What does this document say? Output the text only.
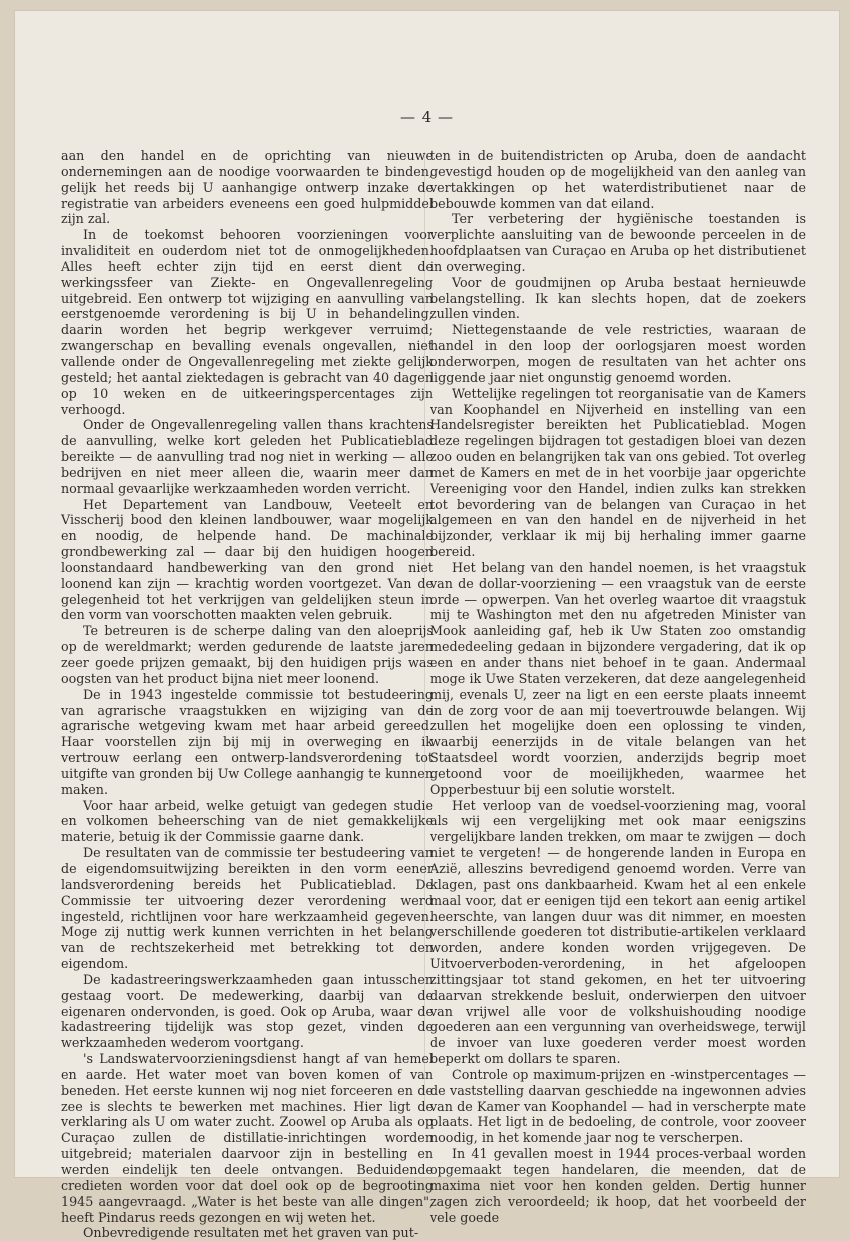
— 4 —

aan den handel en de oprichting van nieuwe ondernemingen aan de noodige voorwaarden te binden, gelijk het reeds bij U aanhangige ontwerp inzake de registratie van arbeiders eveneens een goed hulpmiddel zijn zal.

In de toekomst behooren voorzieningen voor invaliditeit en ouderdom niet tot de onmogelijkheden. Alles heeft echter zijn tijd en eerst dient de werkingssfeer van Ziekte- en Ongevallenregeling uitgebreid. Een ontwerp tot wijziging en aanvulling van eerstgenoemde verordening is bij U in behandeling; daarin worden het begrip werkgever verruimd; zwangerschap en bevalling evenals ongevallen, niet vallende onder de Ongevallenregeling met ziekte gelijk gesteld; het aantal ziektedagen is gebracht van 40 dagen op 10 weken en de uitkeeringspercentages zijn verhoogd.

Onder de Ongevallenregeling vallen thans krachtens de aanvulling, welke kort geleden het Publicatieblad bereikte — de aanvulling trad nog niet in werking — alle bedrijven en niet meer alleen die, waarin meer dan normaal gevaarlijke werkzaamheden worden verricht.

Het Departement van Landbouw, Veeteelt en Visscherij bood den kleinen landbouwer, waar mogelijk en noodig, de helpende hand. De machinale grondbewerking zal — daar bij den huidigen hoogen loonstandaard handbewerking van den grond niet loonend kan zijn — krachtig worden voortgezet. Van de gelegenheid tot het verkrijgen van geldelijken steun in den vorm van voorschotten maakten velen gebruik.

Te betreuren is de scherpe daling van den aloeprijs op de wereldmarkt; werden gedurende de laatste jaren zeer goede prijzen gemaakt, bij den huidigen prijs was oogsten van het product bijna niet meer loonend.

De in 1943 ingestelde commissie tot bestudeering van agrarische vraagstukken en wijziging van de agrarische wetgeving kwam met haar arbeid gereed. Haar voorstellen zijn bij mij in overweging en ik vertrouw eerlang een ontwerp-landsverordening tot uitgifte van gronden bij Uw College aanhangig te kunnen maken.

Voor haar arbeid, welke getuigt van gedegen studie en volkomen beheersching van de niet gemakkelijke materie, betuig ik der Commissie gaarne dank.

De resultaten van de commissie ter bestudeering van de eigendomsuitwijzing bereikten in den vorm eener landsverordening bereids het Publicatieblad. De Commissie ter uitvoering dezer verordening werd ingesteld, richtlijnen voor hare werkzaamheid gegeven. Moge zij nuttig werk kunnen verrichten in het belang van de rechtszekerheid met betrekking tot den eigendom.

De kadastreeringswerkzaamheden gaan intusschen gestaag voort. De medewerking, daarbij van de eigenaren ondervonden, is goed. Ook op Aruba, waar de kadastreering tijdelijk was stop gezet, vinden de werkzaamheden wederom voortgang.

's Landswatervoorzieningsdienst hangt af van hemel en aarde. Het water moet van boven komen of van beneden. Het eerste kunnen wij nog niet forceeren en de zee is slechts te bewerken met machines. Hier ligt de verklaring als U om water zucht. Zoowel op Aruba als op Curaçao zullen de distillatie-inrichtingen worden uitgebreid; materialen daarvoor zijn in bestelling en werden eindelijk ten deele ontvangen. Beduidende credieten worden voor dat doel ook op de begrooting 1945 aangevraagd. „Water is het beste van alle dingen", heeft Pindarus reeds gezongen en wij weten het.

Onbevredigende resultaten met het graven van put-

ten in de buitendistricten op Aruba, doen de aandacht gevestigd houden op de mogelijkheid van den aanleg van vertakkingen op het waterdistributienet naar de bebouwde kommen van dat eiland.

Ter verbetering der hygiënische toestanden is verplichte aansluiting van de bewoonde perceelen in de hoofdplaatsen van Curaçao en Aruba op het distributienet in overweging.

Voor de goudmijnen op Aruba bestaat hernieuwde belangstelling. Ik kan slechts hopen, dat de zoekers zullen vinden.

Niettegenstaande de vele restricties, waaraan de handel in den loop der oorlogsjaren moest worden onderworpen, mogen de resultaten van het achter ons liggende jaar niet ongunstig genoemd worden.

Wettelijke regelingen tot reorganisatie van de Kamers van Koophandel en Nijverheid en instelling van een Handelsregister bereikten het Publicatieblad. Mogen deze regelingen bijdragen tot gestadigen bloei van dezen zoo ouden en belangrijken tak van ons gebied. Tot overleg met de Kamers en met de in het voorbije jaar opgerichte Vereeniging voor den Handel, indien zulks kan strekken tot bevordering van de belangen van Curaçao in het algemeen en van den handel en de nijverheid in het bijzonder, verklaar ik mij bij herhaling immer gaarne bereid.

Het belang van den handel noemen, is het vraagstuk van de dollar-voorziening — een vraagstuk van de eerste orde — opwerpen. Van het overleg waartoe dit vraagstuk mij te Washington met den nu afgetreden Minister van Mook aanleiding gaf, heb ik Uw Staten zoo omstandig mededeeling gedaan in bijzondere vergadering, dat ik op een en ander thans niet behoef in te gaan. Andermaal moge ik Uwe Staten verzekeren, dat deze aangelegenheid mij, evenals U, zeer na ligt en een eerste plaats inneemt in de zorg voor de aan mij toevertrouwde belangen. Wij zullen het mogelijke doen een oplossing te vinden, waarbij eenerzijds in de vitale belangen van het Staatsdeel wordt voorzien, anderzijds begrip moet getoond voor de moeilijkheden, waarmee het Opperbestuur bij een solutie worstelt.

Het verloop van de voedsel-voorziening mag, vooral als wij een vergelijking met ook maar eenigszins vergelijkbare landen trekken, om maar te zwijgen — doch niet te vergeten! — de hongerende landen in Europa en Azië, alleszins bevredigend genoemd worden. Verre van klagen, past ons dankbaarheid. Kwam het al een enkele maal voor, dat er eenigen tijd een tekort aan eenig artikel heerschte, van langen duur was dit nimmer, en moesten verschillende goederen tot distributie-artikelen verklaard worden, andere konden worden vrijgegeven. De Uitvoerverboden-verordening, in het afgeloopen zittingsjaar tot stand gekomen, en het ter uitvoering daarvan strekkende besluit, onderwierpen den uitvoer van vrijwel alle voor de volkshuishouding noodige goederen aan een vergunning van overheidswege, terwijl de invoer van luxe goederen verder moest worden beperkt om dollars te sparen.

Controle op maximum-prijzen en -winstpercentages — de vaststelling daarvan geschiedde na ingewonnen advies van de Kamer van Koophandel — had in verscherpte mate plaats. Het ligt in de bedoeling, de controle, voor zooveer noodig, in het komende jaar nog te verscherpen.

In 41 gevallen moest in 1944 proces-verbaal worden opgemaakt tegen handelaren, die meenden, dat de maxima niet voor hen konden gelden. Dertig hunner zagen zich veroordeeld; ik hoop, dat het voorbeeld der vele goede
